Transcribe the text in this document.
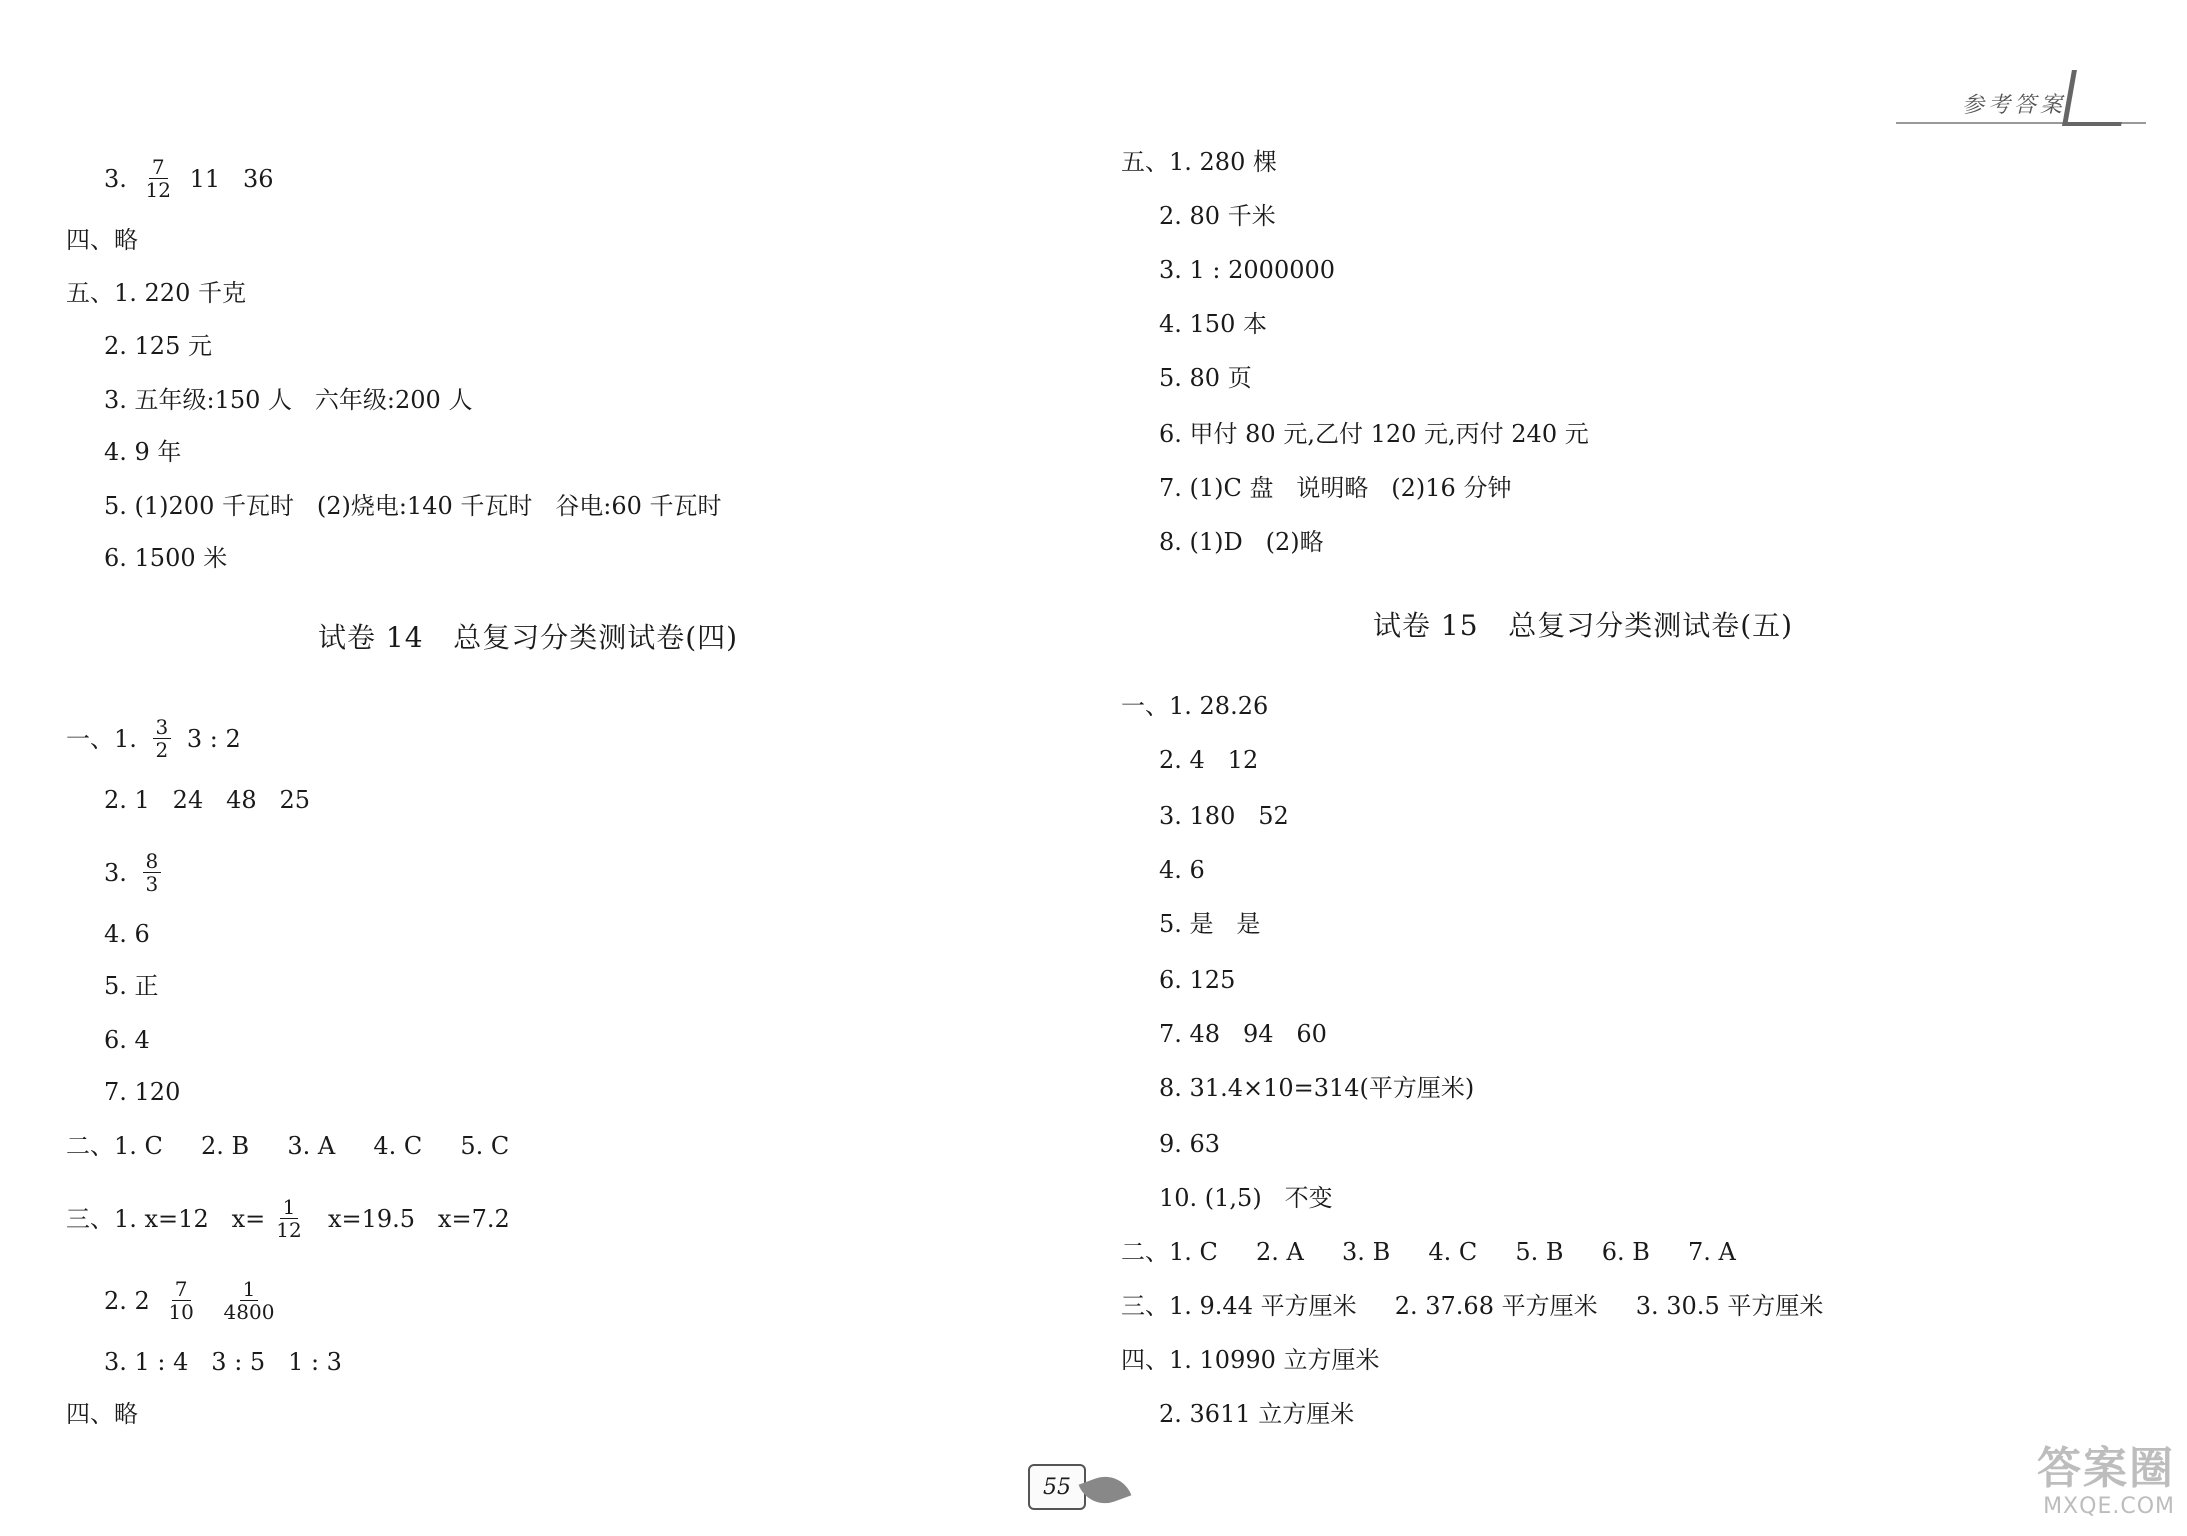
试卷 14   总复习分类测试卷(四)
3. $\frac{7}{12} 11$   36
四、略
五、1. 220 千克
2. 125 元
3. 五年级:150 人   六年级:200 人
4. 9 年
5. (1)200 千瓦时   (2)烧电:140 千瓦时   谷电:60 千瓦时
6. 1500 米
一、1. $\frac{3}{2} 3$ : 2
2. 1   24   48   25
3. $\frac{8}{3}$
4. 6
5. 正
6. 4
7. 120
二、1. C     2. B     3. A     4. C     5. C
三、1. x=12   $x= \frac{1}{12} x=19.5$   x=7.2
2. $2 \frac{7}{10}$
$\frac{1}{4800}$
3. 1 : 4   3 : 5   1 : 3
四、略
试卷 15   总复习分类测试卷(五)
参考答案
五、1. 280 棵
2. 80 千米
3. 1 : 2000000
4. 150 本
5. 80 页
6. 甲付 80 元,乙付 120 元,丙付 240 元
7. (1)C 盘   说明略   (2)16 分钟
8. (1)D   (2)略
一、1. 28.26
2. 4   12
3. 180   52
4. 6
5. 是   是
6. 125
7. 48   94   60
8. 31.4×10=314(平方厘米)
9. 63
10. (1,5)   不变
二、1. C     2. A     3. B     4. C     5. B     6. B     7. A
三、1. 9.44 平方厘米     2. 37.68 平方厘米     3. 30.5 平方厘米
四、1. 10990 立方厘米
2. 3611 立方厘米
55	答案圈
MXQE.COM
